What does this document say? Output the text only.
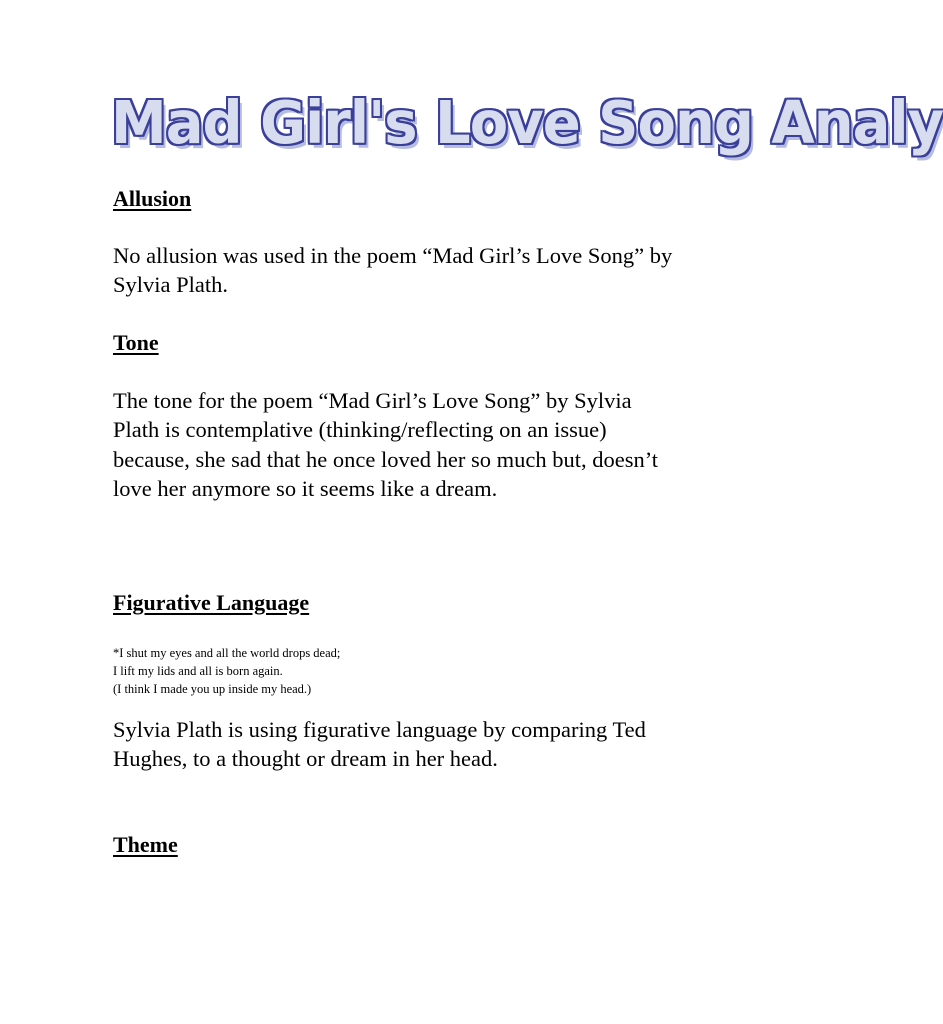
Mad Girl's Love Song Analy
Allusion
No allusion was used in the poem “Mad Girl’s Love Song” by Sylvia Plath.
Tone
The tone for the poem “Mad Girl’s Love Song” by Sylvia Plath is contemplative (thinking/reflecting on an issue) because, she sad that he once loved her so much but, doesn’t love her anymore so it seems like a dream.
Figurative Language
*I shut my eyes and all the world drops dead;
I lift my lids and all is born again.
(I think I made you up inside my head.)
Sylvia Plath is using figurative language by comparing Ted Hughes, to a thought or dream in her head.
Theme
